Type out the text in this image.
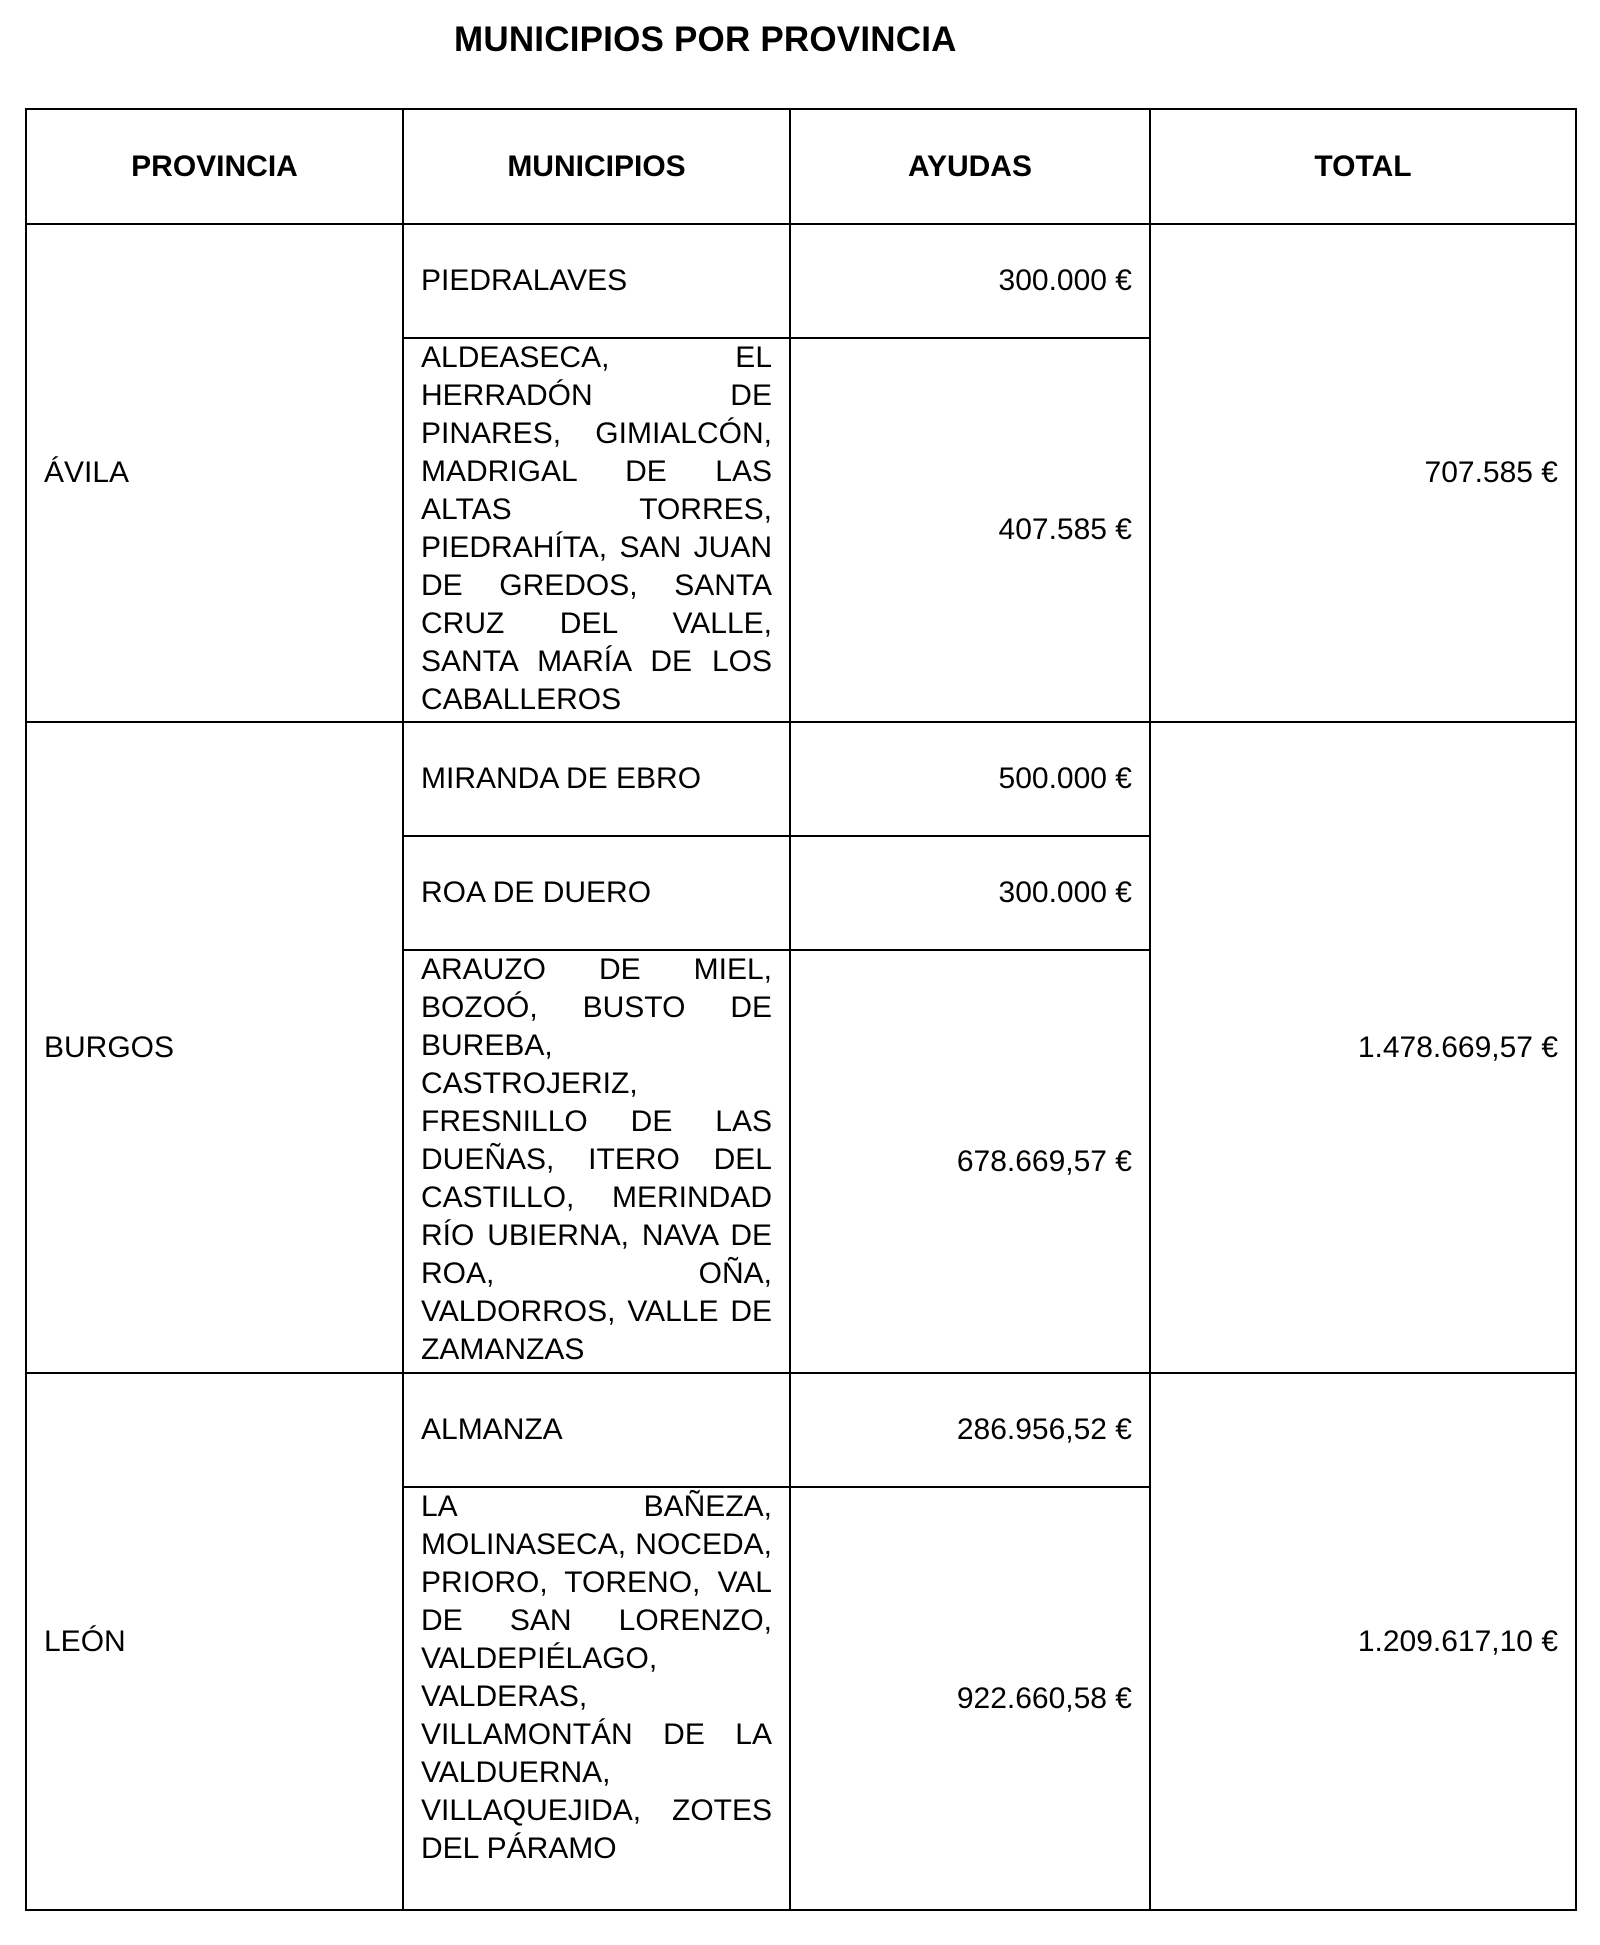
MUNICIPIOS POR PROVINCIA
PROVINCIA	MUNICIPIOS	AYUDAS	TOTAL
ÁVILA	PIEDRALAVES	300.000 €	707.585 €
	ALDEASECA, EL HERRADÓN DE PINARES, GIMIALCÓN, MADRIGAL DE LAS ALTAS TORRES, PIEDRAHÍTA, SAN JUAN DE GREDOS, SANTA CRUZ DEL VALLE, SANTA MARÍA DE LOS CABALLEROS	407.585 €	
BURGOS	MIRANDA DE EBRO	500.000 €	1.478.669,57 €
	ROA DE DUERO	300.000 €	
	ARAUZO DE MIEL, BOZOÓ, BUSTO DE BUREBA, CASTROJERIZ, FRESNILLO DE LAS DUEÑAS, ITERO DEL CASTILLO, MERINDAD RÍO UBIERNA, NAVA DE ROA, OÑA, VALDORROS, VALLE DE ZAMANZAS	678.669,57 €	
LEÓN	ALMANZA	286.956,52 €	1.209.617,10 €
	LA BAÑEZA, MOLINASECA, NOCEDA, PRIORO, TORENO, VAL DE SAN LORENZO, VALDEPIÉLAGO, VALDERAS, VILLAMONTÁN DE LA VALDUERNA, VILLAQUEJIDA, ZOTES DEL PÁRAMO	922.660,58 €	
